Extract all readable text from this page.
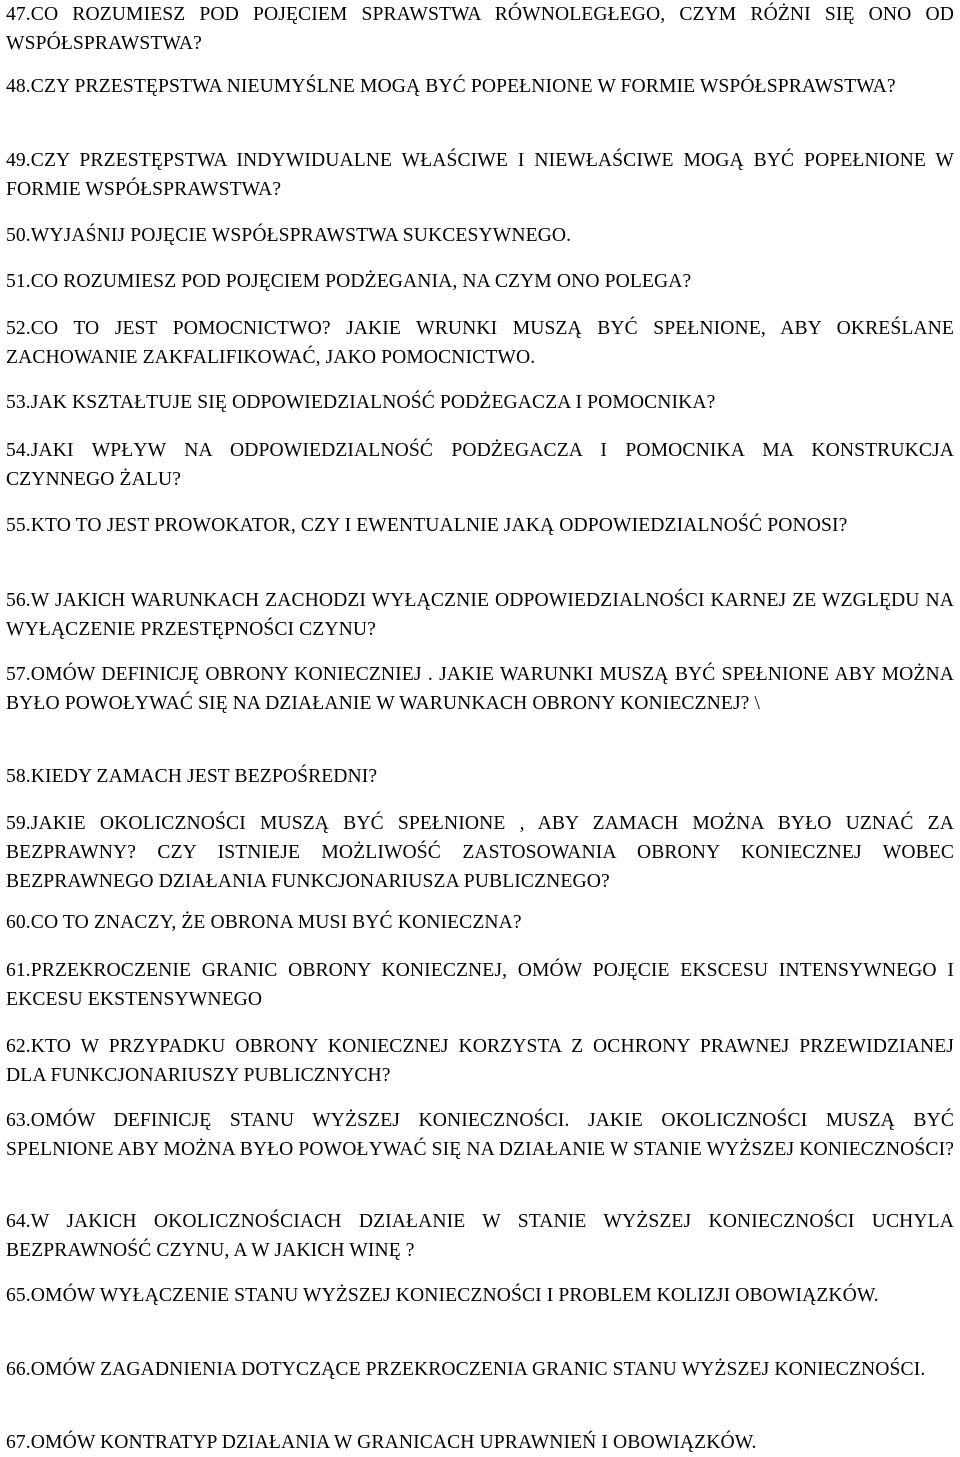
47.CO ROZUMIESZ POD POJĘCIEM SPRAWSTWA RÓWNOLEGŁEGO, CZYM RÓŻNI SIĘ ONO OD WSPÓŁSPRAWSTWA?

48.CZY PRZESTĘPSTWA NIEUMYŚLNE MOGĄ BYĆ POPEŁNIONE W FORMIE WSPÓŁSPRAWSTWA?

49.CZY PRZESTĘPSTWA INDYWIDUALNE WŁAŚCIWE I NIEWŁAŚCIWE MOGĄ BYĆ POPEŁNIONE W FORMIE WSPÓŁSPRAWSTWA?

50.WYJAŚNIJ POJĘCIE WSPÓŁSPRAWSTWA SUKCESYWNEGO.

51.CO ROZUMIESZ POD POJĘCIEM PODŻEGANIA, NA CZYM ONO POLEGA?

52.CO TO JEST POMOCNICTWO? JAKIE WRUNKI MUSZĄ BYĆ SPEŁNIONE, ABY OKREŚLANE ZACHOWANIE ZAKFALIFIKOWAĆ, JAKO POMOCNICTWO.

53.JAK KSZTAŁTUJE SIĘ ODPOWIEDZIALNOŚĆ PODŻEGACZA I POMOCNIKA?

54.JAKI WPŁYW NA ODPOWIEDZIALNOŚĆ PODŻEGACZA I POMOCNIKA MA KONSTRUKCJA CZYNNEGO ŻALU?

55.KTO TO JEST PROWOKATOR, CZY I EWENTUALNIE JAKĄ ODPOWIEDZIALNOŚĆ PONOSI?

56.W JAKICH WARUNKACH ZACHODZI WYŁĄCZNIE ODPOWIEDZIALNOŚCI KARNEJ ZE WZGLĘDU NA WYŁĄCZENIE PRZESTĘPNOŚCI CZYNU?

57.OMÓW DEFINICJĘ OBRONY KONIECZNIEJ . JAKIE WARUNKI MUSZĄ BYĆ SPEŁNIONE ABY MOŻNA BYŁO POWOŁYWAĆ SIĘ NA DZIAŁANIE W WARUNKACH OBRONY KONIECZNEJ? \

58.KIEDY ZAMACH JEST BEZPOŚREDNI?

59.JAKIE OKOLICZNOŚCI MUSZĄ BYĆ SPEŁNIONE , ABY ZAMACH MOŻNA BYŁO UZNAĆ ZA BEZPRAWNY? CZY ISTNIEJE MOŻLIWOŚĆ ZASTOSOWANIA OBRONY KONIECZNEJ WOBEC BEZPRAWNEGO DZIAŁANIA FUNKCJONARIUSZA PUBLICZNEGO?

60.CO TO ZNACZY, ŻE OBRONA MUSI BYĆ KONIECZNA?

61.PRZEKROCZENIE GRANIC OBRONY KONIECZNEJ, OMÓW POJĘCIE EKSCESU INTENSYWNEGO I EKCESU EKSTENSYWNEGO

62.KTO W PRZYPADKU OBRONY KONIECZNEJ KORZYSTA Z OCHRONY PRAWNEJ PRZEWIDZIANEJ DLA FUNKCJONARIUSZY PUBLICZNYCH?

63.OMÓW DEFINICJĘ STANU WYŻSZEJ KONIECZNOŚCI. JAKIE OKOLICZNOŚCI MUSZĄ BYĆ SPELNIONE ABY MOŻNA BYŁO POWOŁYWAĆ SIĘ NA DZIAŁANIE W STANIE WYŻSZEJ KONIECZNOŚCI?

64.W JAKICH OKOLICZNOŚCIACH DZIAŁANIE W STANIE WYŻSZEJ KONIECZNOŚCI UCHYLA BEZPRAWNOŚĆ CZYNU, A W JAKICH WINĘ ?

65.OMÓW WYŁĄCZENIE STANU WYŻSZEJ KONIECZNOŚCI I PROBLEM KOLIZJI OBOWIĄZKÓW.

66.OMÓW ZAGADNIENIA DOTYCZĄCE PRZEKROCZENIA GRANIC STANU WYŻSZEJ KONIECZNOŚCI.

67.OMÓW KONTRATYP DZIAŁANIA W GRANICACH UPRAWNIEŃ I OBOWIĄZKÓW.
